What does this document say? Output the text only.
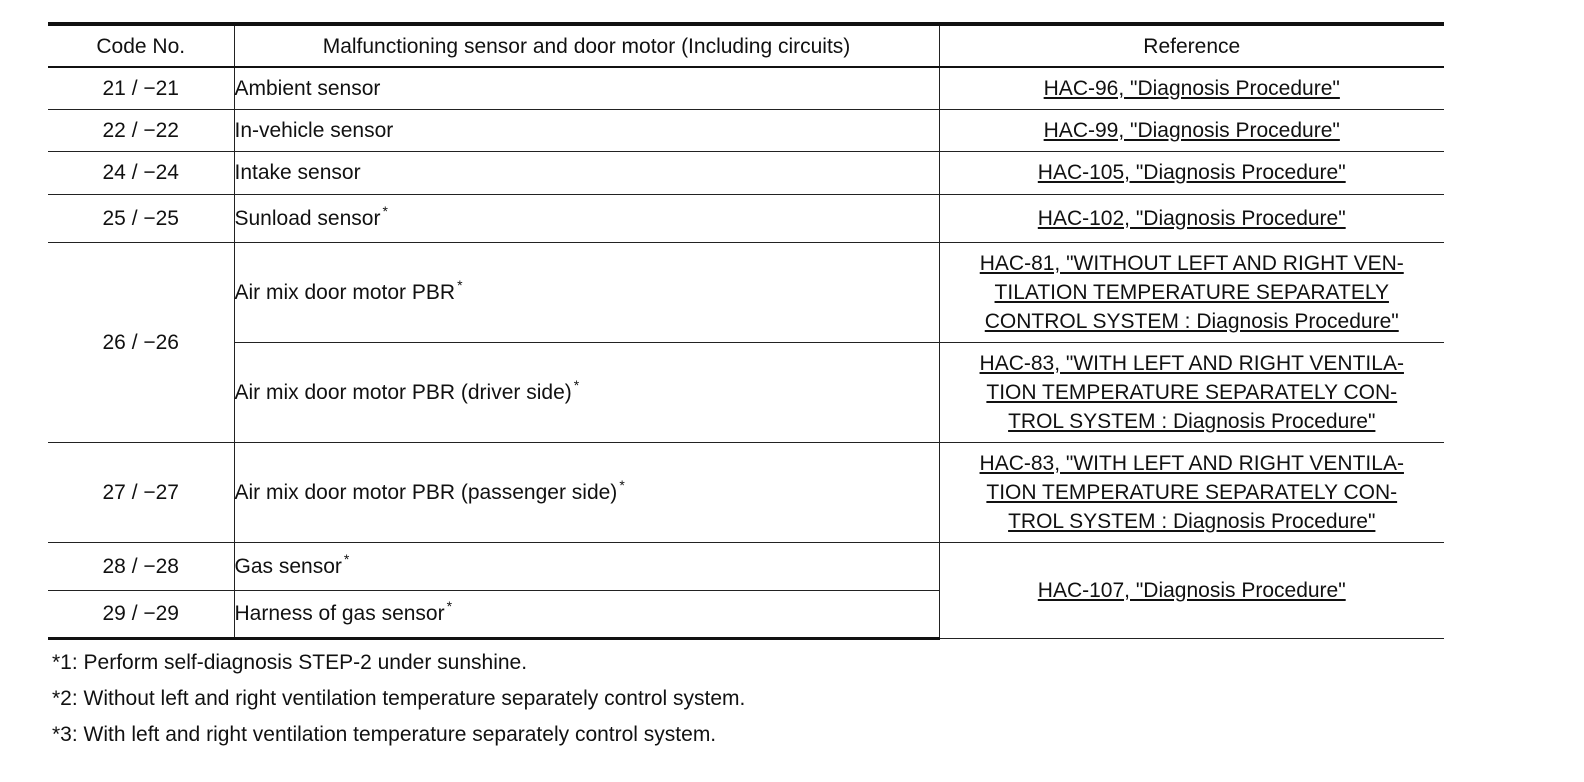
Code No.	Malfunctioning sensor and door motor (Including circuits)	Reference
21 / −21	Ambient sensor	HAC-96, "Diagnosis Procedure"
22 / −22	In-vehicle sensor	HAC-99, "Diagnosis Procedure"
24 / −24	Intake sensor	HAC-105, "Diagnosis Procedure"
25 / −25	Sunload sensor *	HAC-102, "Diagnosis Procedure"
26 / −26	Air mix door motor PBR *	HAC-81, "WITHOUT LEFT AND RIGHT VEN-
TILATION TEMPERATURE SEPARATELY
CONTROL SYSTEM : Diagnosis Procedure"

	Air mix door motor PBR (driver side) *	HAC-83, "WITH LEFT AND RIGHT VENTILA-
TION TEMPERATURE SEPARATELY CON-
TROL SYSTEM : Diagnosis Procedure"

27 / −27	Air mix door motor PBR (passenger side) *	HAC-83, "WITH LEFT AND RIGHT VENTILA-
TION TEMPERATURE SEPARATELY CON-
TROL SYSTEM : Diagnosis Procedure"

28 / −28	Gas sensor *	HAC-107, "Diagnosis Procedure"
29 / −29	Harness of gas sensor *
*1: Perform self-diagnosis STEP-2 under sunshine.
*2: Without left and right ventilation temperature separately control system.
*3: With left and right ventilation temperature separately control system.
